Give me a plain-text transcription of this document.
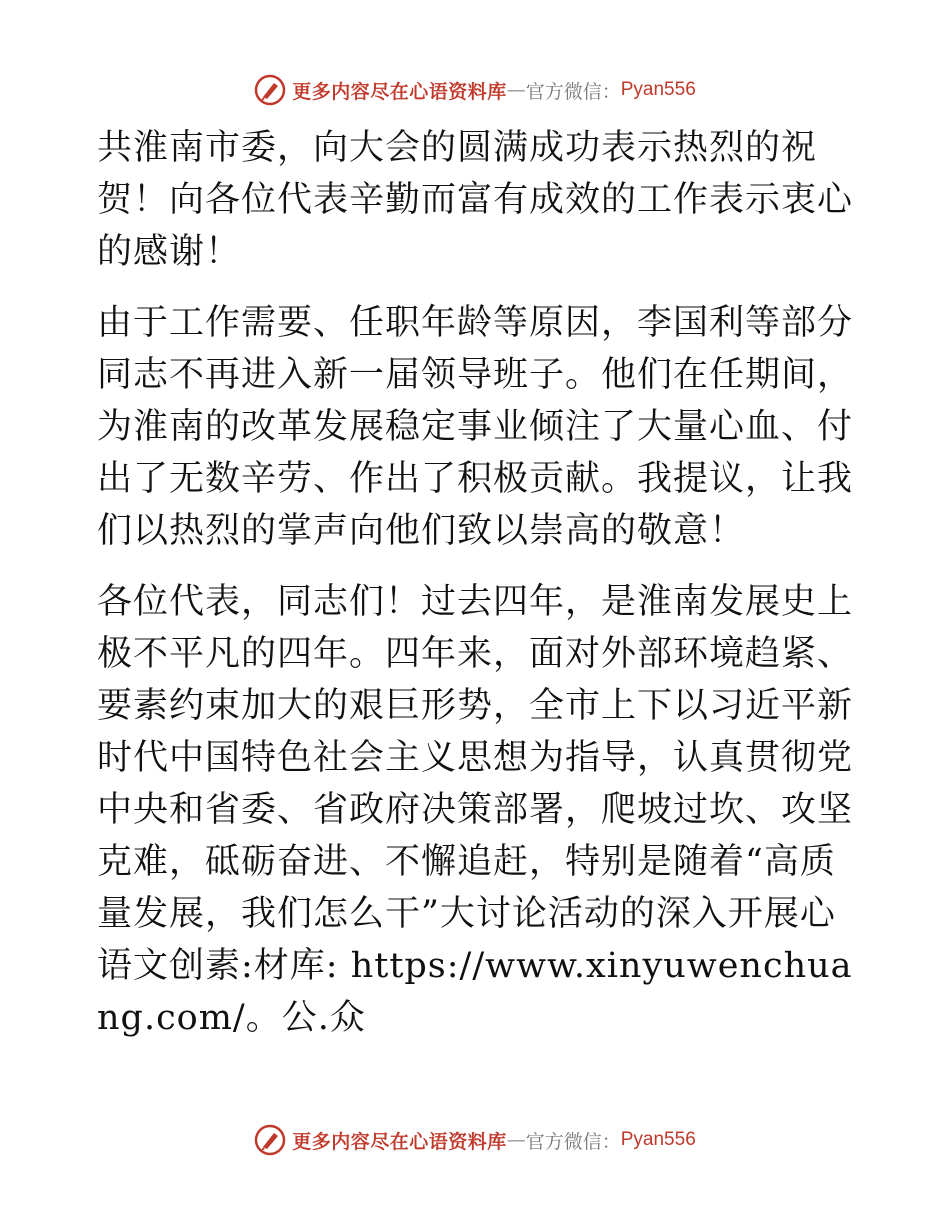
更多内容尽在心语资料库 — 官方微信： Pyan556

共淮南市委，向大会的圆满成功表示热烈的祝贺！向各位代表辛勤而富有成效的工作表示衷心的感谢！

由于工作需要、任职年龄等原因，李国利等部分同志不再进入新一届领导班子。他们在任期间，为淮南的改革发展稳定事业倾注了大量心血、付出了无数辛劳、作出了积极贡献。我提议，让我们以热烈的掌声向他们致以崇高的敬意！

各位代表，同志们！过去四年，是淮南发展史上极不平凡的四年。四年来，面对外部环境趋紧、要素约束加大的艰巨形势，全市上下以习近平新时代中国特色社会主义思想为指导，认真贯彻党中央和省委、省政府决策部署，爬坡过坎、攻坚克难，砥砺奋进、不懈追赶，特别是随着“高质量发展，我们怎么干”大讨论活动的深入开展心语文创素:材库: https://www.xinyuwenchuang.com/。公.众

更多内容尽在心语资料库 — 官方微信： Pyan556
